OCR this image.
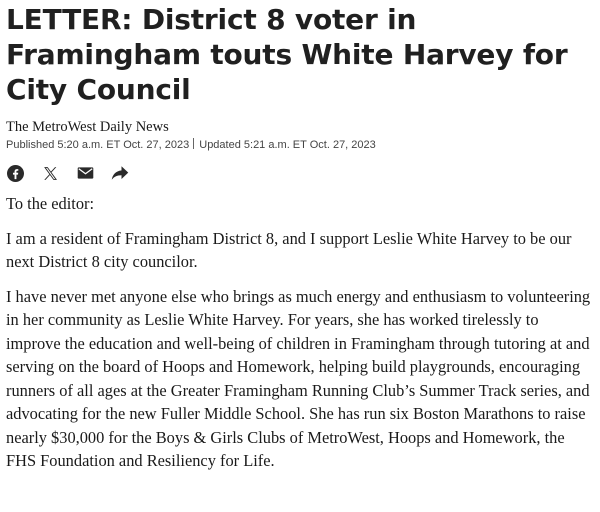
LETTER: District 8 voter in Framingham touts White Harvey for City Council
The MetroWest Daily News
Published 5:20 a.m. ET Oct. 27, 2023 Updated 5:21 a.m. ET Oct. 27, 2023

To the editor:

I am a resident of Framingham District 8, and I support Leslie White Harvey to be our next District 8 city councilor.

I have never met anyone else who brings as much energy and enthusiasm to volunteering in her community as Leslie White Harvey. For years, she has worked tirelessly to improve the education and well-being of children in Framingham through tutoring at and serving on the board of Hoops and Homework, helping build playgrounds, encouraging runners of all ages at the Greater Framingham Running Club’s Summer Track series, and advocating for the new Fuller Middle School. She has run six Boston Marathons to raise nearly $30,000 for the Boys & Girls Clubs of MetroWest, Hoops and Homework, the FHS Foundation and Resiliency for Life.
